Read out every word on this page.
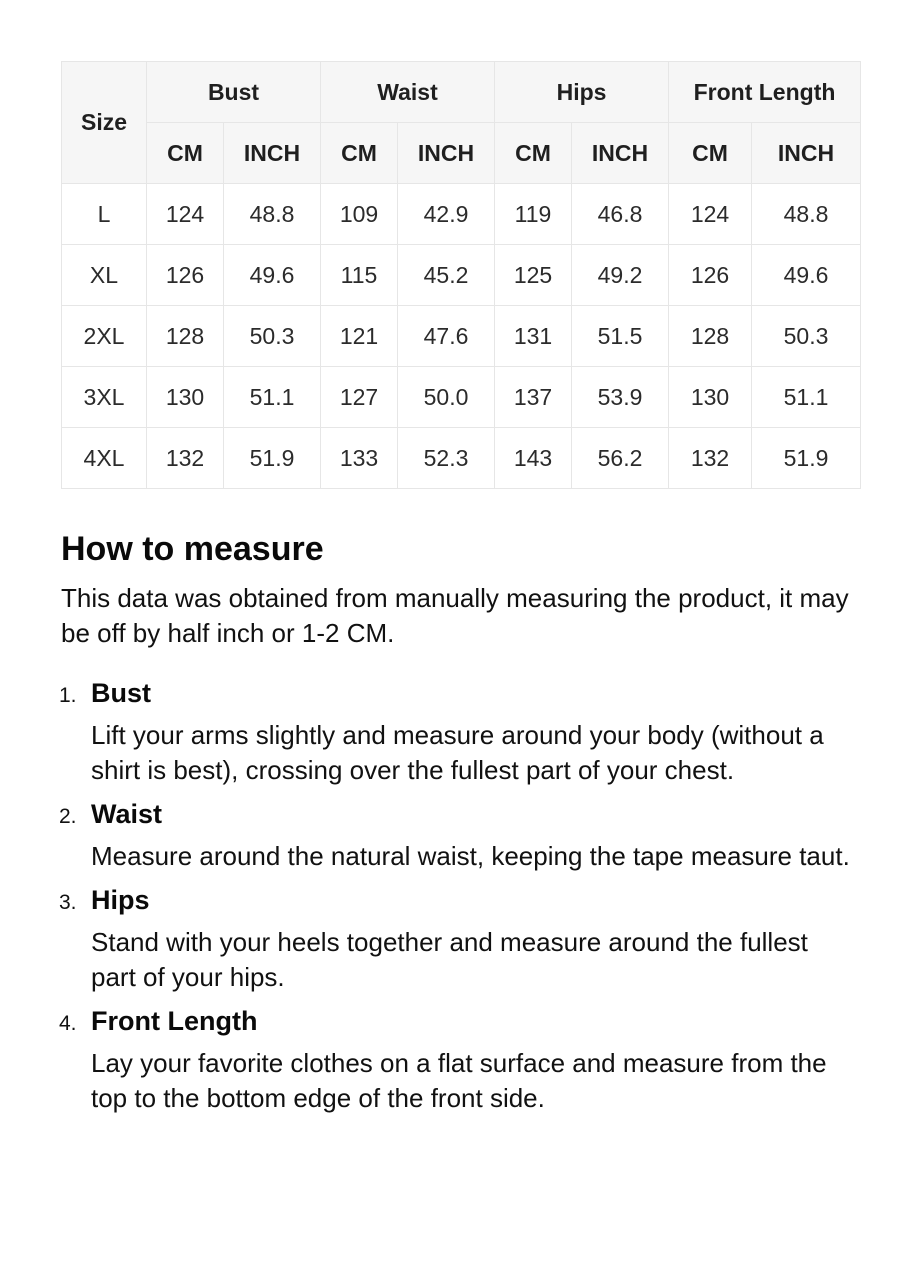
Size	Bust		Waist		Hips		Front Length	
	CM	INCH	CM	INCH	CM	INCH	CM	INCH
L	124	48.8	109	42.9	119	46.8	124	48.8
XL	126	49.6	115	45.2	125	49.2	126	49.6
2XL	128	50.3	121	47.6	131	51.5	128	50.3
3XL	130	51.1	127	50.0	137	53.9	130	51.1
4XL	132	51.9	133	52.3	143	56.2	132	51.9
How to measure

This data was obtained from manually measuring the product, it may be off by half inch or 1-2 CM.

1. Bust
Lift your arms slightly and measure around your body (without a shirt is best), crossing over the fullest part of your chest.
2. Waist
Measure around the natural waist, keeping the tape measure taut.
3. Hips
Stand with your heels together and measure around the fullest part of your hips.
4. Front Length
Lay your favorite clothes on a flat surface and measure from the top to the bottom edge of the front side.
